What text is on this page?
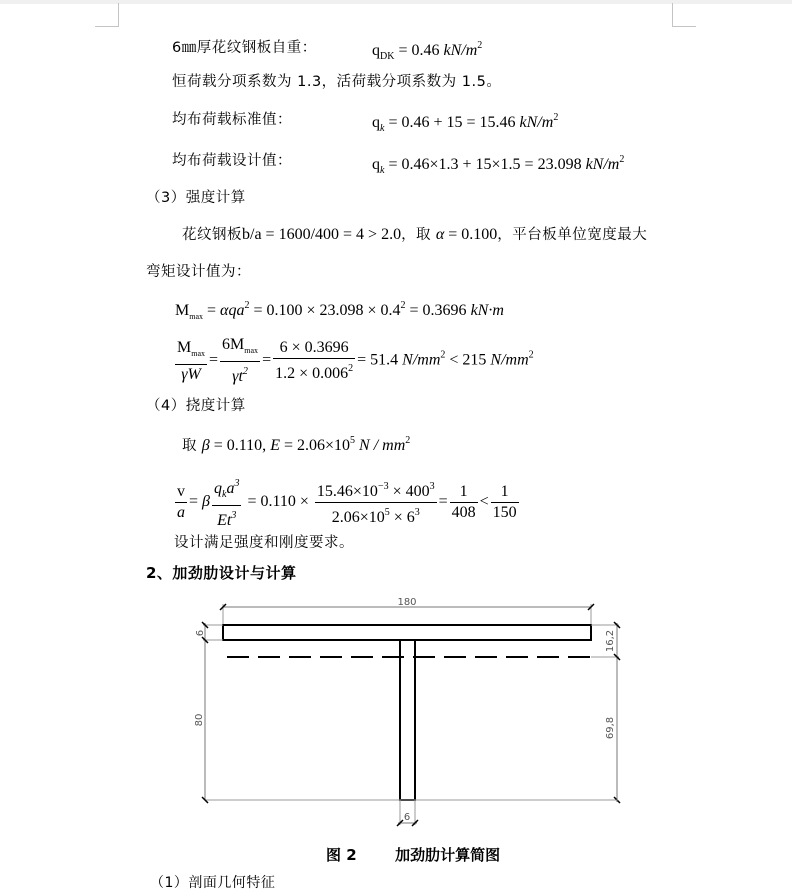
6㎜厚花纹钢板自重：	$q_{DK} = 0.46$ $kN/m^2$
恒荷载分项系数为 1.3，活荷载分项系数为 1.5。
均布荷载标准值：	$q_k = 0.46 + 15 = 15.46$ $kN/m^2$
均布荷载设计值：	$q_k = 0.46\times 1.3 + 15\times 1.5 = 23.098$ $kN/m^2$
（3）强度计算
花纹钢板b/a = 1600/400 = 4 > 2.0，取 α = 0.100，平台板单位宽度最大
弯矩设计值为：
$M_{max} = \alpha qa^2 = 0.100 \times 23.098 \times 0.4^2 = 0.3696$ kN·m
$\frac{M_{max}}{\gamma W} = \frac{6M_{max}}{\gamma t^2} = \frac{6 \times 0.3696}{1.2 \times 0.006^2} = 51.4$ $N/mm^2 < 215$ $N/mm^2$
（4）挠度计算
取 β = 0.110, $E = 2.06\times 10^5$ N / $mm^2$
$\frac{v}{a} = \beta \frac{q_ka^3}{Et^3} = 0.110 \times \frac{15.46\times 10^{-3} \times 400^3}{2.06\times 10^5 \times 6^3} = \frac{1}{408} < \frac{1}{150}$
设计满足强度和刚度要求。
2、加劲肋设计与计算
180
6
80
16,2
69,8
6
图 2	加劲肋计算简图
（1）剖面几何特征
